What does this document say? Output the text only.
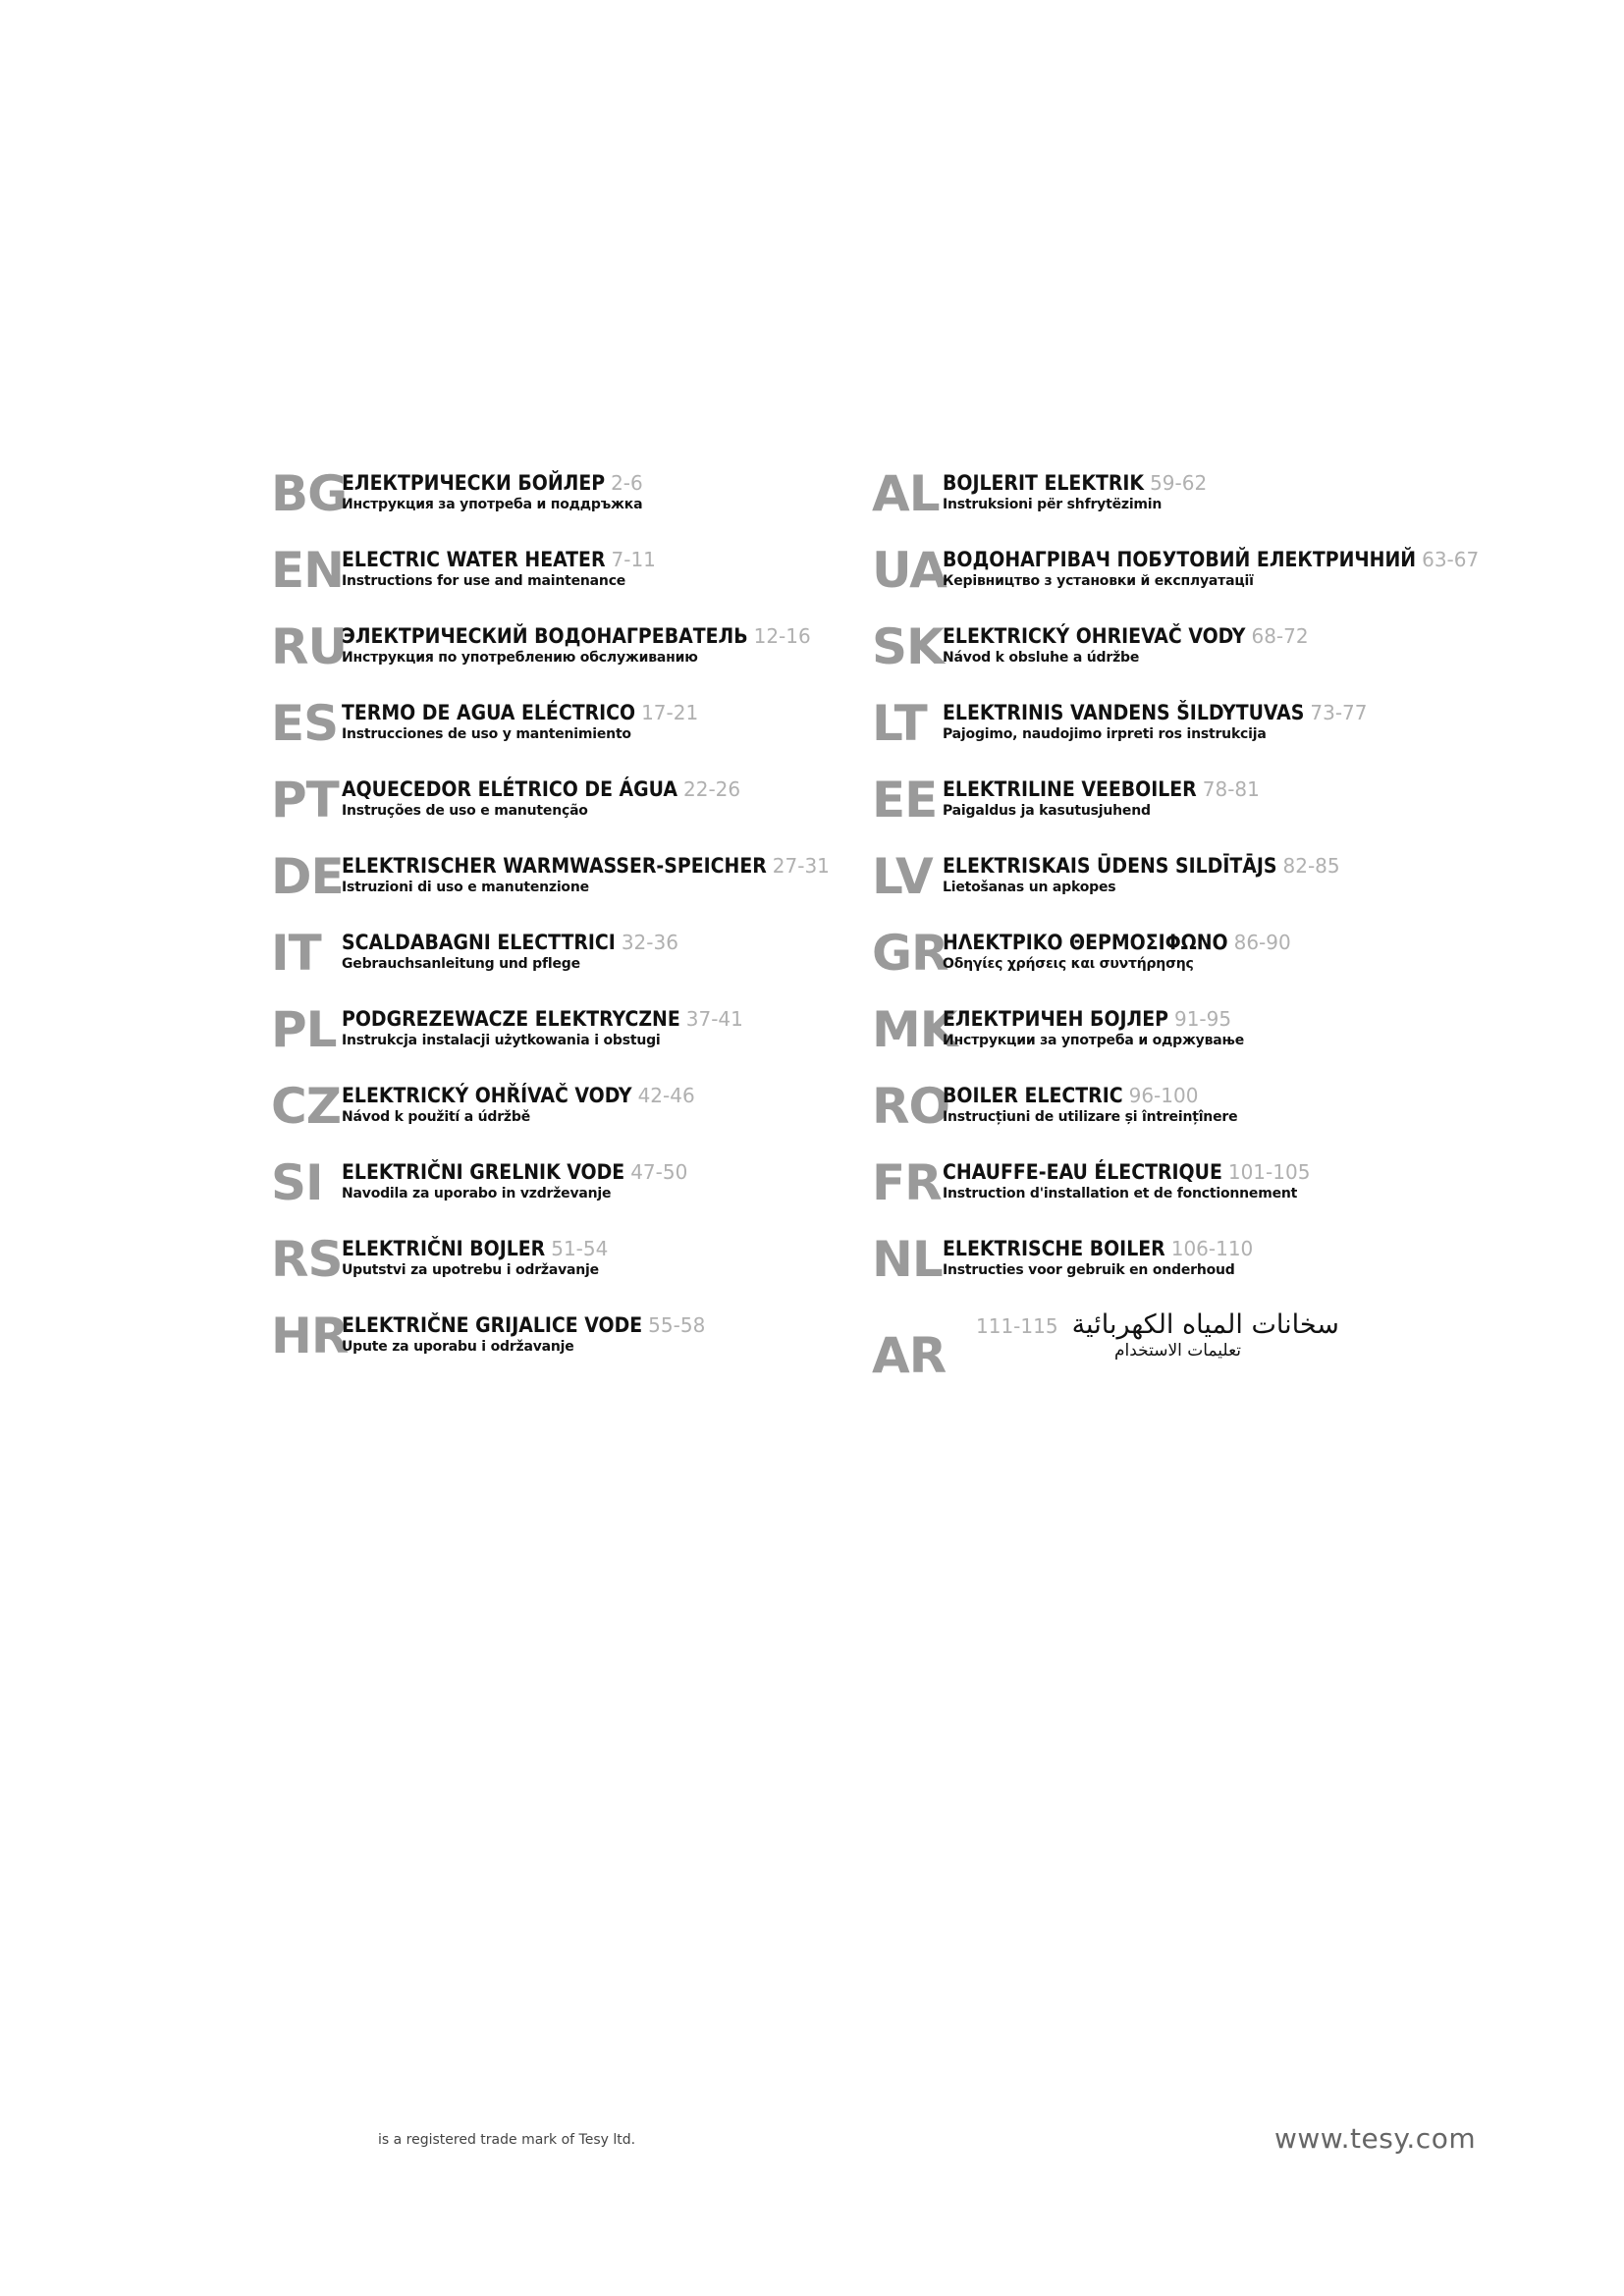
BG
ЕЛЕКТРИЧЕСКИ БОЙЛЕР 2-6
Инструкция за употреба и поддръжка
EN
ELECTRIC WATER HEATER 7-11
Instructions for use and maintenance
RU
ЭЛЕКТРИЧЕСКИЙ ВОДОНАГРЕВАТЕЛЬ 12-16
Инструкция по употреблению обслуживанию
ES TERMO DE AGUA ELÉCTRICO 17-21
Instrucciones de uso y mantenimiento
PT AQUECEDOR ELÉTRICO DE ÁGUA 22-26
Instruções de uso e manutenção
DE
ELEKTRISCHER WARMWASSER-SPEICHER 27-31
Istruzioni di uso e manutenzione
IT SCALDABAGNI ELECTTRICI 32-36
Gebrauchsanleitung und pflege
PL PODGREZEWACZE ELEKTRYCZNE 37-41
Instrukcja instalacji użytkowania i obstugi
CZ ELEKTRICKÝ OHŘÍVAČ VODY 42-46
Návod k použití a údržbě
SI ELEKTRIČNI GRELNIK VODE 47-50
Navodila za uporabo in vzdrževanje
RS ELEKTRIČNI BOJLER 51-54
Uputstvi za upotrebu i održavanje
HR
ELEKTRIČNE GRIJALICE VODE 55-58
Upute za uporabu i održavanje
AL BOJLERIT ELEKTRIK 59-62
Instruksioni për shfrytëzimin
UA
ВОДОНАГРІВАЧ ПОБУТОВИЙ ЕЛЕКТРИЧНИЙ 63-67
Керівництво з установки й експлуатації
SK ELEKTRICKÝ OHRIEVAČ VODY 68-72
Návod k obsluhe a údržbe
LT ELEKTRINIS VANDENS ŠILDYTUVAS 73-77
Pajogimo, naudojimo irpreti ros instrukcija
EE ELEKTRILINE VEEBOILER 78-81
Paigaldus ja kasutusjuhend
LV ELEKTRISKAIS ŪDENS SILDĪTĀJS 82-85
Lietošanas un apkopes
GR
ΗΛΕΚΤΡΙΚΟ ΘΕΡΜΟΣΙΦΩΝΟ 86-90
Οδηγίες χρήσεις και συντήρησης
MK
ЕЛЕКТРИЧЕН БОЈЛЕР 91-95
Инструкции за употреба и одржување
RO
BOILER ELECTRIC 96-100
Instrucțiuni de utilizare și întreințînere
FR CHAUFFE-EAU ÉLECTRIQUE 101-105
Instruction d'installation et de fonctionnement
NL ELEKTRISCHE BOILER 106-110
Instructies voor gebruik en onderhoud
AR
111-115 سخانات المياه الكهربائية
تعليمات الاستخدام
is a registered trade mark of Tesy ltd.	www.tesy.com
